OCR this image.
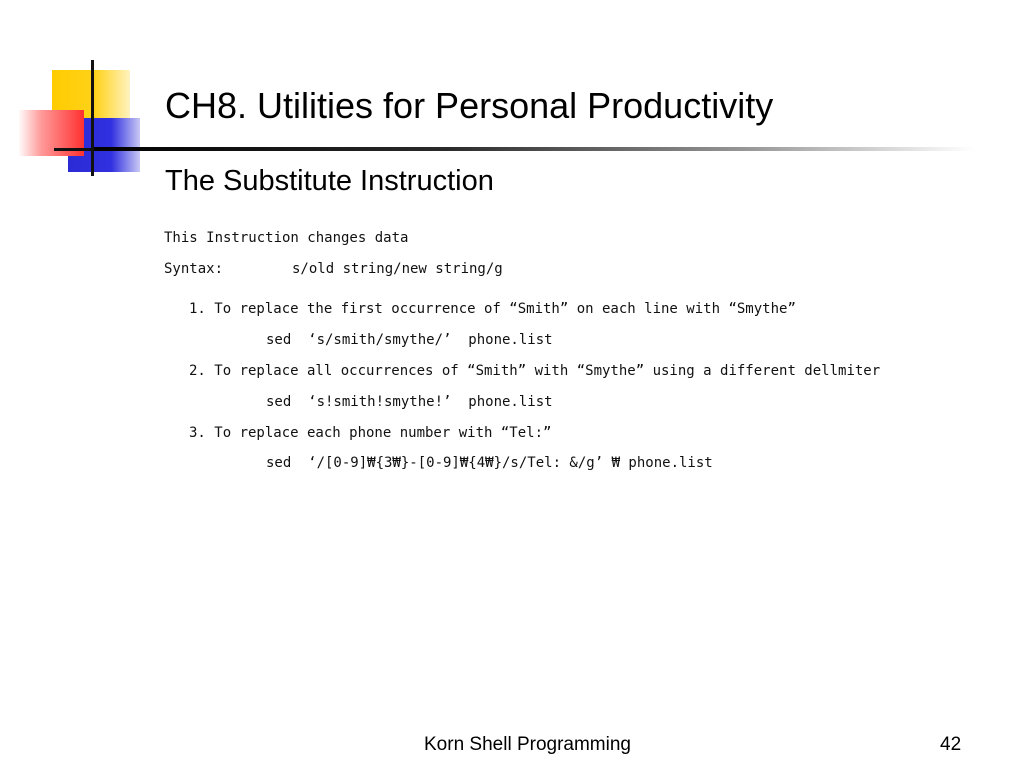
CH8. Utilities for Personal Productivity
The Substitute Instruction
This Instruction changes data
Syntax:	s/old string/new string/g
1. To replace the first occurrence of “Smith” on each line with “Smythe”
sed  ‘s/smith/smythe/’  phone.list
2. To replace all occurrences of “Smith” with “Smythe” using a different dellmiter
sed  ‘s!smith!smythe!’  phone.list
3. To replace each phone number with “Tel:”
sed  ‘/[0-9]₩{3₩}-[0-9]₩{4₩}/s/Tel: &/g’ ₩ phone.list
Korn Shell Programming	42
